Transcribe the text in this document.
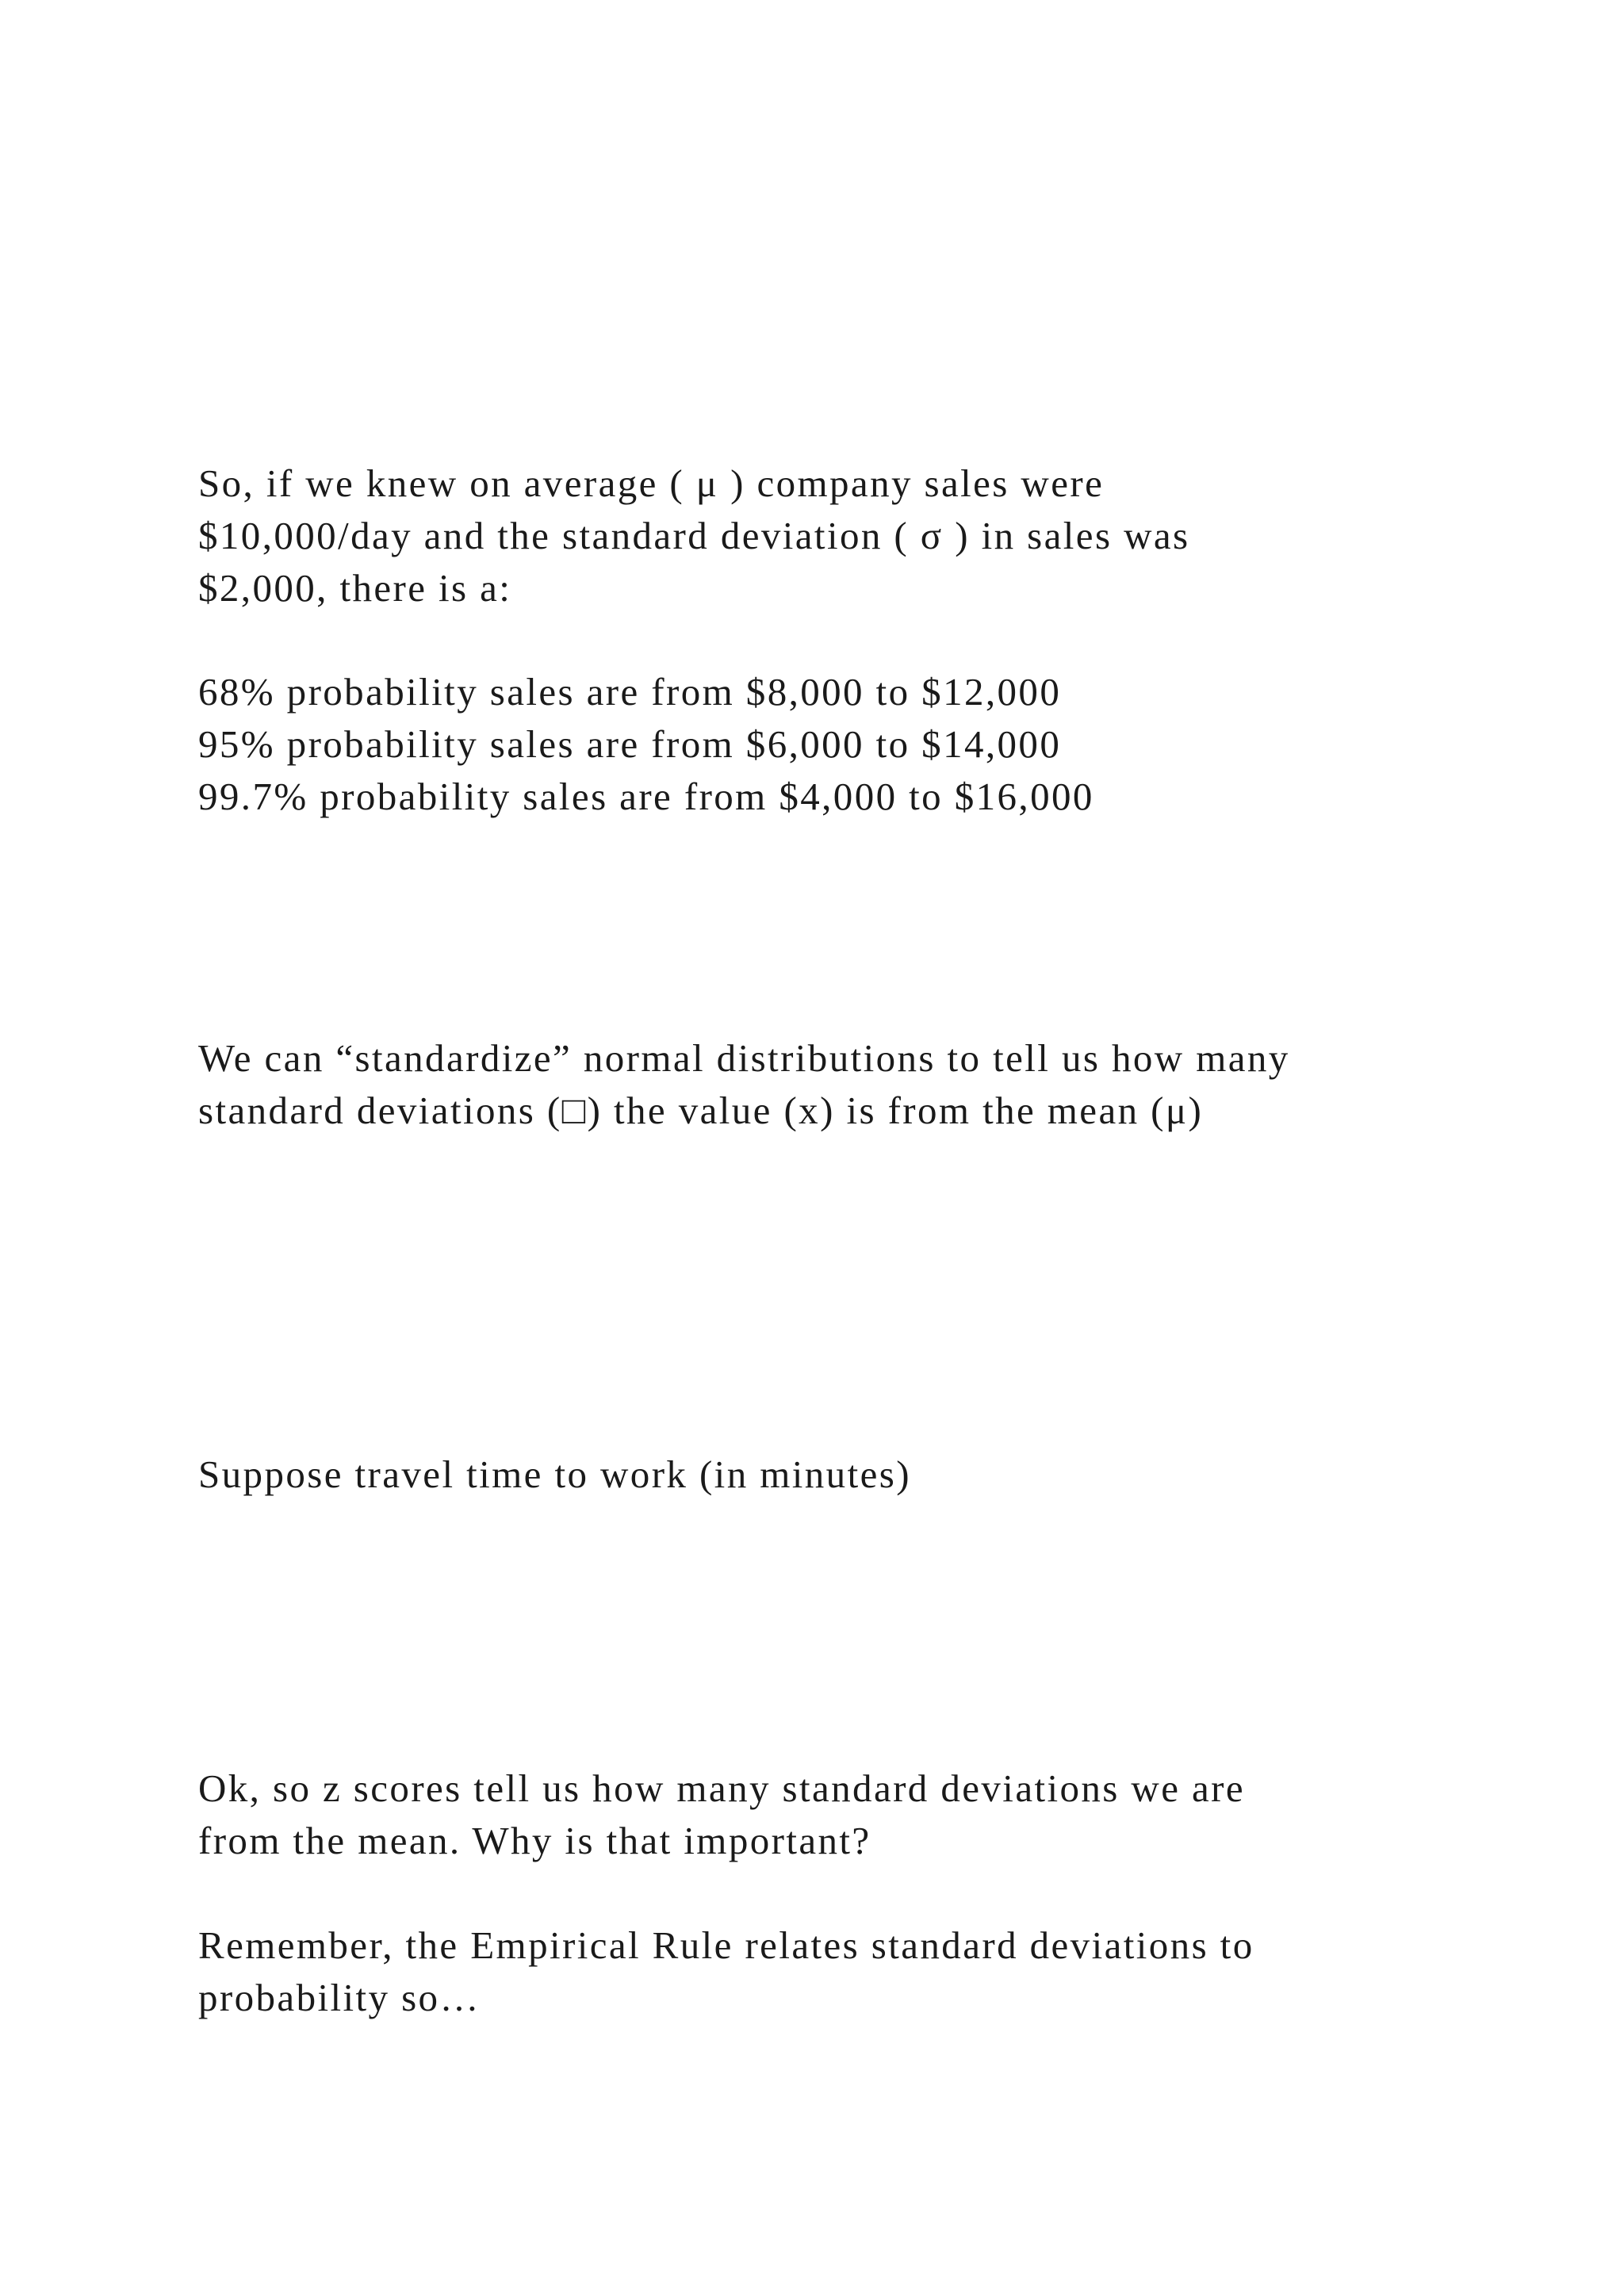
So, if we knew on average ( μ ) company sales were
$10,000/day and the standard deviation ( σ ) in sales was
$2,000, there is a:
68% probability sales are from $8,000 to $12,000
95% probability sales are from $6,000 to $14,000
99.7% probability sales are from $4,000 to $16,000
We can “standardize” normal distributions to tell us how many
standard deviations (□) the value (x) is from the mean (μ)
Suppose travel time to work (in minutes)
Ok, so z scores tell us how many standard deviations we are
from the mean. Why is that important?
Remember, the Empirical Rule relates standard deviations to
probability so…
